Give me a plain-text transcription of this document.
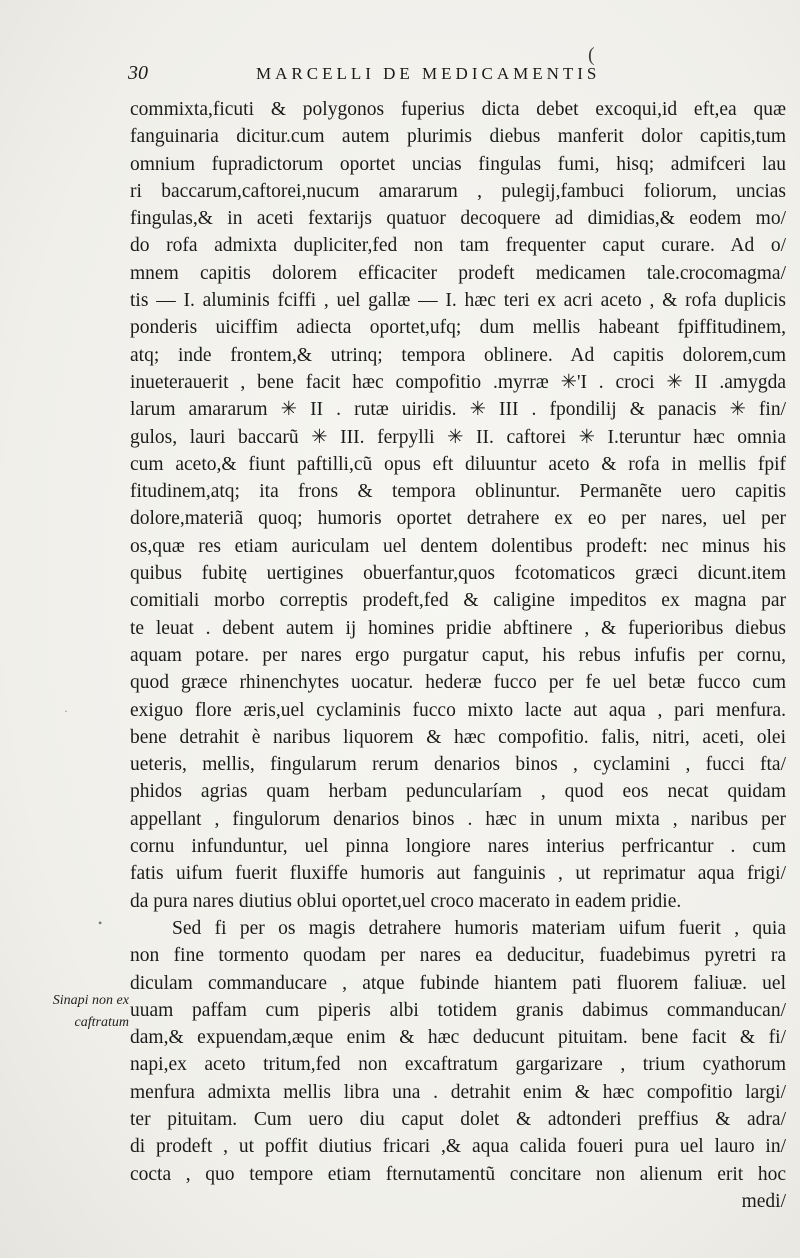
30	MARCELLI DE MEDICAMENTIS
(
commixta,ficuti & polygonos fuperius dicta debet excoqui,id eft,ea quæ
fanguinaria dicitur.cum autem plurimis diebus manferit dolor capitis,tum
omnium fupradictorum oportet uncias fingulas fumi, hisq; admifceri lau
ri baccarum,caftorei,nucum amararum , pulegij,fambuci foliorum, uncias
fingulas,& in aceti fextarijs quatuor decoquere ad dimidias,& eodem mo/
do rofa admixta dupliciter,fed non tam frequenter caput curare. Ad o/
mnem capitis dolorem efficaciter prodeft medicamen tale.crocomagma/
tis — I. aluminis fciffi , uel gallæ — I. hæc teri ex acri aceto , & rofa duplicis
ponderis uiciffim adiecta oportet,ufq; dum mellis habeant fpiffitudinem,
atq; inde frontem,& utrinq; tempora oblinere. Ad capitis dolorem,cum
inueterauerit , bene facit hæc compofitio .myrræ ✳'I . croci ✳ II .amygda
larum amararum ✳ II . rutæ uiridis. ✳ III . fpondilij & panacis ✳ fin/
gulos, lauri baccarũ ✳ III. ferpylli ✳ II. caftorei ✳ I.teruntur hæc omnia
cum aceto,& fiunt paftilli,cũ opus eft diluuntur aceto & rofa in mellis fpif
fitudinem,atq; ita frons & tempora oblinuntur. Permanẽte uero capitis
dolore,materiã quoq; humoris oportet detrahere ex eo per nares, uel per
os,quæ res etiam auriculam uel dentem dolentibus prodeft: nec minus his
quibus fubitę uertigines obuerfantur,quos fcotomaticos græci dicunt.item
comitiali morbo correptis prodeft,fed & caligine impeditos ex magna par
te leuat . debent autem ij homines pridie abftinere , & fuperioribus diebus
aquam potare. per nares ergo purgatur caput, his rebus infufis per cornu,
quod græce rhinenchytes uocatur. hederæ fucco per fe uel betæ fucco cum
exiguo flore æris,uel cyclaminis fucco mixto lacte aut aqua , pari menfura.
bene detrahit è naribus liquorem & hæc compofitio. falis, nitri, aceti, olei
ueteris, mellis, fingularum rerum denarios binos , cyclamini , fucci fta/
phidos agrias quam herbam peduncularíam , quod eos necat quidam
appellant , fingulorum denarios binos . hæc in unum mixta , naribus per
cornu infunduntur, uel pinna longiore nares interius perfricantur . cum
fatis uifum fuerit fluxiffe humoris aut fanguinis , ut reprimatur aqua frigi/
da pura nares diutius oblui oportet,uel croco macerato in eadem pridie.
Sed fi per os magis detrahere humoris materiam uifum fuerit , quia
non fine tormento quodam per nares ea deducitur, fuadebimus pyretri ra
diculam commanducare , atque fubinde hiantem pati fluorem faliuæ. uel
uuam paffam cum piperis albi totidem granis dabimus commanducan/
dam,& expuendam,æque enim & hæc deducunt pituitam. bene facit & fi/
napi,ex aceto tritum,fed non excaftratum gargarizare , trium cyathorum
menfura admixta mellis libra una . detrahit enim & hæc compofitio largi/
ter pituitam. Cum uero diu caput dolet & adtonderi preffius & adra/
di prodeft , ut poffit diutius fricari ,& aqua calida foueri pura uel lauro in/
cocta , quo tempore etiam fternutamentũ concitare non alienum erit hoc
medi/
Sinapi non ex
caftratum
•
·
